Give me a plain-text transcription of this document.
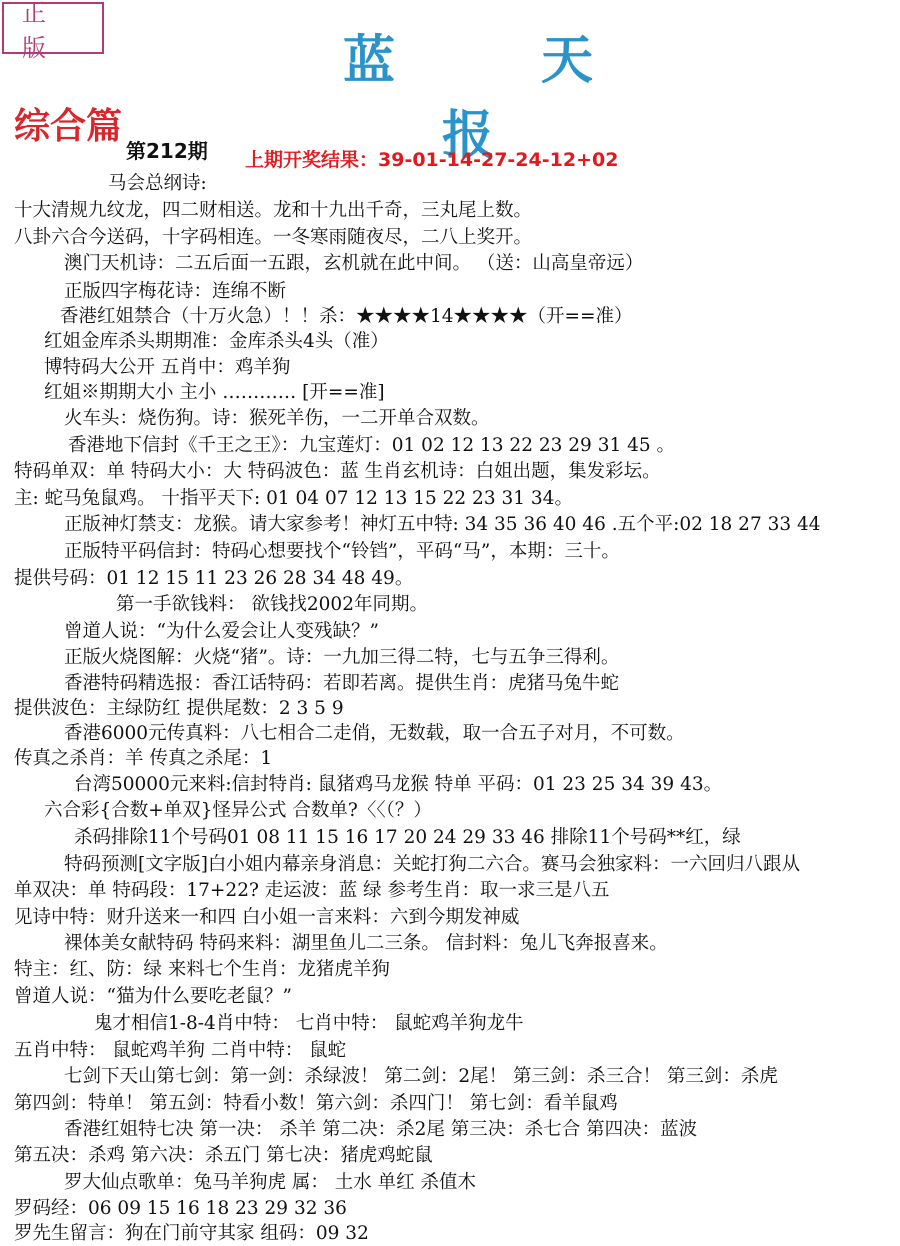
正 版	蓝 天 报
综合篇
第212期 上期开奖结果：39-01-14-27-24-12+02
马会总纲诗:
十大清规九纹龙，四二财相送。龙和十九出千奇，三丸尾上数。
八卦六合今送码，十字码相连。一冬寒雨随夜尽，二八上奖开。
澳门天机诗：二五后面一五跟，玄机就在此中间。 （送：山高皇帝远）
正版四字梅花诗：连绵不断
香港红姐禁合（十万火急）！！杀：★★★★14★★★★（开==准）
红姐金库杀头期期准：金库杀头4头（准）
博特码大公开 五肖中：鸡羊狗
红姐※期期大小 主小 ………… [开==准]
火车头：烧伤狗。诗：猴死羊伤，一二开单合双数。
香港地下信封《千王之王》：九宝莲灯：01 02 12 13 22 23 29 31 45 。
特码单双：单 特码大小：大 特码波色：蓝 生肖玄机诗：白姐出题，集发彩坛。
主: 蛇马兔鼠鸡。 十指平天下: 01 04 07 12 13 15 22 23 31 34。
正版神灯禁支：龙猴。请大家参考！神灯五中特: 34 35 36 40 46 .五个平:02 18 27 33 44
正版特平码信封：特码心想要找个“铃铛”，平码“马”，本期：三十。
提供号码：01 12 15 11 23 26 28 34 48 49。
第一手欲钱料： 欲钱找2002年同期。
曾道人说：“为什么爱会让人变残缺？”
正版火烧图解：火烧“猪”。诗：一九加三得二特，七与五争三得利。
香港特码精选报：香江话特码：若即若离。提供生肖：虎猪马兔牛蛇
提供波色：主绿防红 提供尾数：2 3 5 9
香港6000元传真料：八七相合二走俏，无数载，取一合五子对月，不可数。
传真之杀肖：羊 传真之杀尾：1
台湾50000元来料:信封特肖: 鼠猪鸡马龙猴 特单 平码：01 23 25 34 39 43。
六合彩{合数+单双}怪异公式 合数单?〈〈（？）
杀码排除11个号码01 08 11 15 16 17 20 24 29 33 46 排除11个号码**红，绿
特码预测[文字版]白小姐内幕亲身消息：关蛇打狗二六合。赛马会独家料：一六回归八跟从
单双决：单 特码段：17+22? 走运波：蓝 绿 参考生肖：取一求三是八五
见诗中特：财升送来一和四 白小姐一言来料：六到今期发神威
裸体美女献特码 特码来料：湖里鱼儿二三条。 信封料：兔儿飞奔报喜来。
特主：红、防：绿 来料七个生肖：龙猪虎羊狗
曾道人说：“猫为什么要吃老鼠？”
鬼才相信1-8-4肖中特： 七肖中特： 鼠蛇鸡羊狗龙牛
五肖中特： 鼠蛇鸡羊狗 二肖中特： 鼠蛇
七剑下天山第七剑：第一剑：杀绿波！ 第二剑：2尾！ 第三剑：杀三合！ 第三剑：杀虎
第四剑：特单！ 第五剑：特看小数！第六剑：杀四门！ 第七剑：看羊鼠鸡
香港红姐特七决 第一决： 杀羊 第二决：杀2尾 第三决：杀七合 第四决：蓝波
第五决：杀鸡 第六决：杀五门 第七决：猪虎鸡蛇鼠
罗大仙点歌单：兔马羊狗虎 属： 土水 单红 杀值木
罗码经：06 09 15 16 18 23 29 32 36
罗先生留言：狗在门前守其家 组码：09 32
